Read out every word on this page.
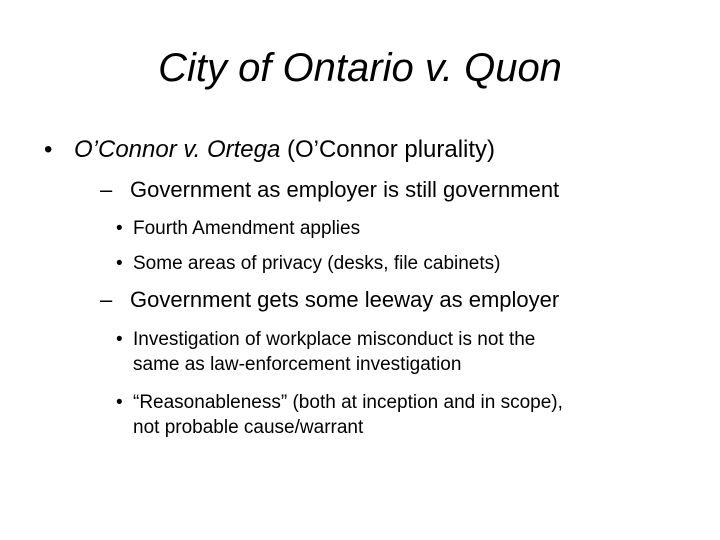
City of Ontario v. Quon
• O’Connor v. Ortega (O’Connor plurality)
– Government as employer is still government
• Fourth Amendment applies
• Some areas of privacy (desks, file cabinets)
– Government gets some leeway as employer
• Investigation of workplace misconduct is not the
same as law-enforcement investigation
• “Reasonableness” (both at inception and in scope),
not probable cause/warrant
